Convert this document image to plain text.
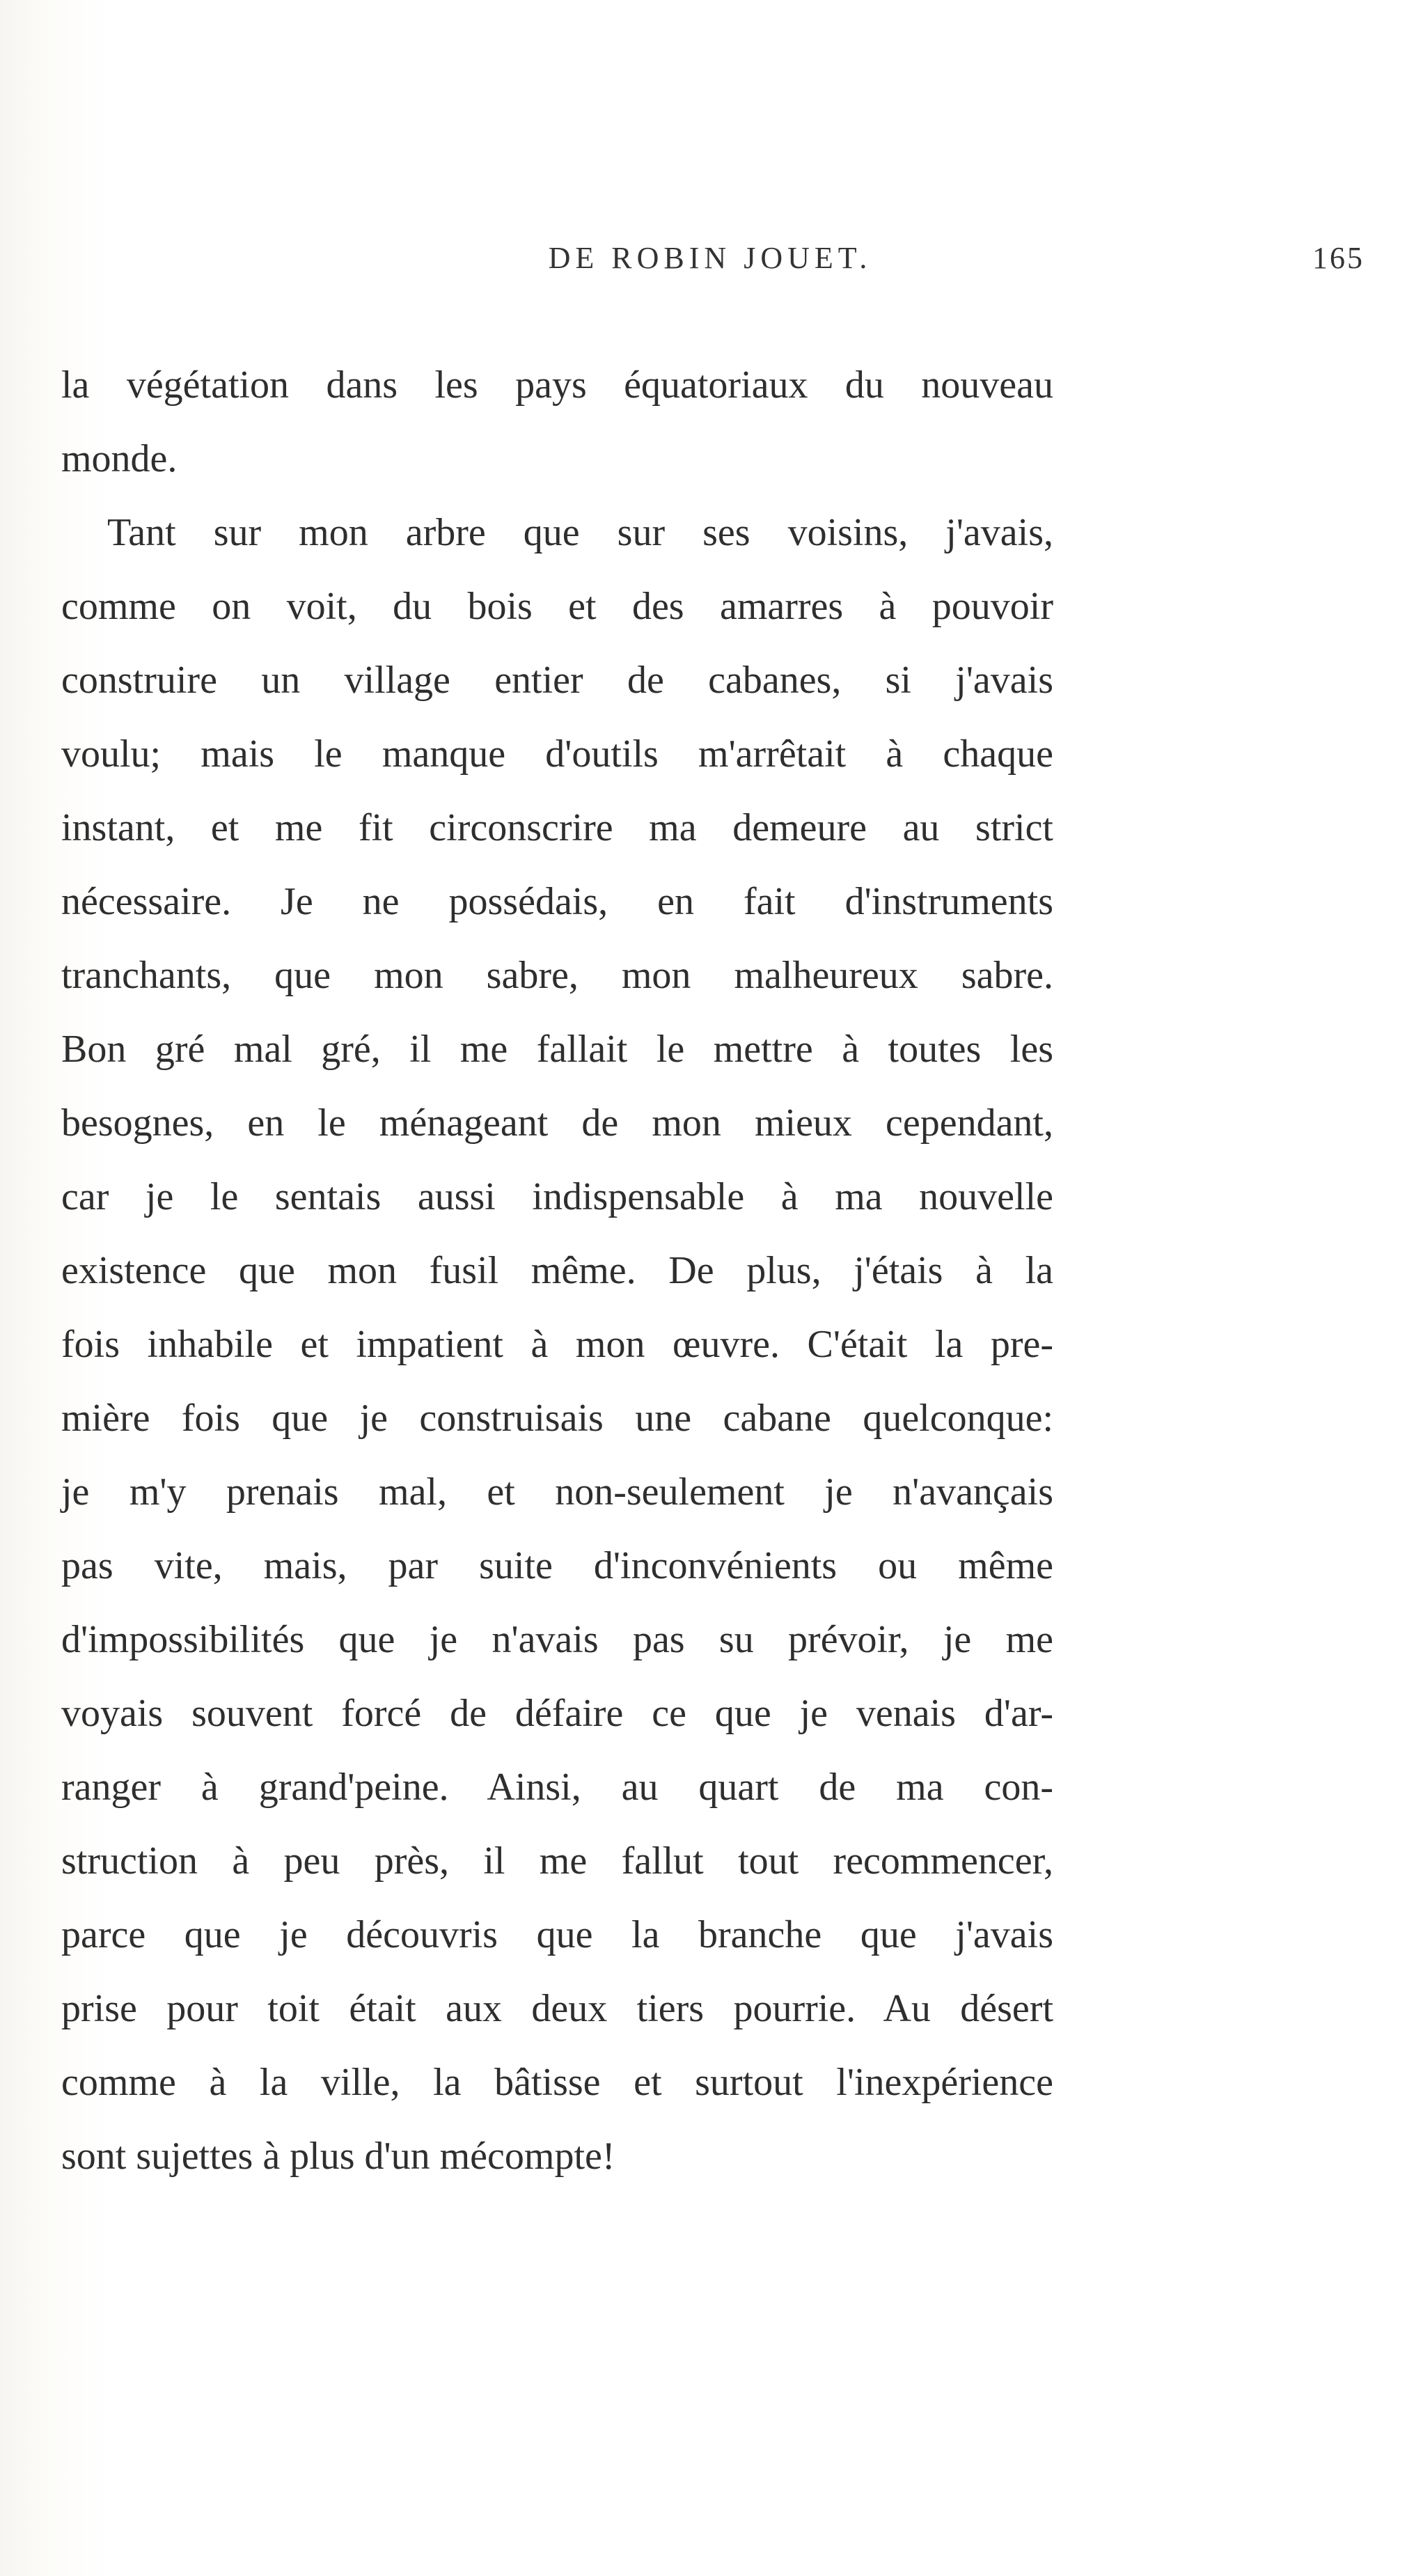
DE ROBIN JOUET.	165
la végétation dans les pays équatoriaux du nouveau
monde.
Tant sur mon arbre que sur ses voisins, j'avais,
comme on voit, du bois et des amarres à pouvoir
construire un village entier de cabanes, si j'avais
voulu; mais le manque d'outils m'arrêtait à chaque
instant, et me fit circonscrire ma demeure au strict
nécessaire. Je ne possédais, en fait d'instruments
tranchants, que mon sabre, mon malheureux sabre.
Bon gré mal gré, il me fallait le mettre à toutes les
besognes, en le ménageant de mon mieux cependant,
car je le sentais aussi indispensable à ma nouvelle
existence que mon fusil même. De plus, j'étais à la
fois inhabile et impatient à mon œuvre. C'était la pre-
mière fois que je construisais une cabane quelconque:
je m'y prenais mal, et non-seulement je n'avançais
pas vite, mais, par suite d'inconvénients ou même
d'impossibilités que je n'avais pas su prévoir, je me
voyais souvent forcé de défaire ce que je venais d'ar-
ranger à grand'peine. Ainsi, au quart de ma con-
struction à peu près, il me fallut tout recommencer,
parce que je découvris que la branche que j'avais
prise pour toit était aux deux tiers pourrie. Au désert
comme à la ville, la bâtisse et surtout l'inexpérience
sont sujettes à plus d'un mécompte!
